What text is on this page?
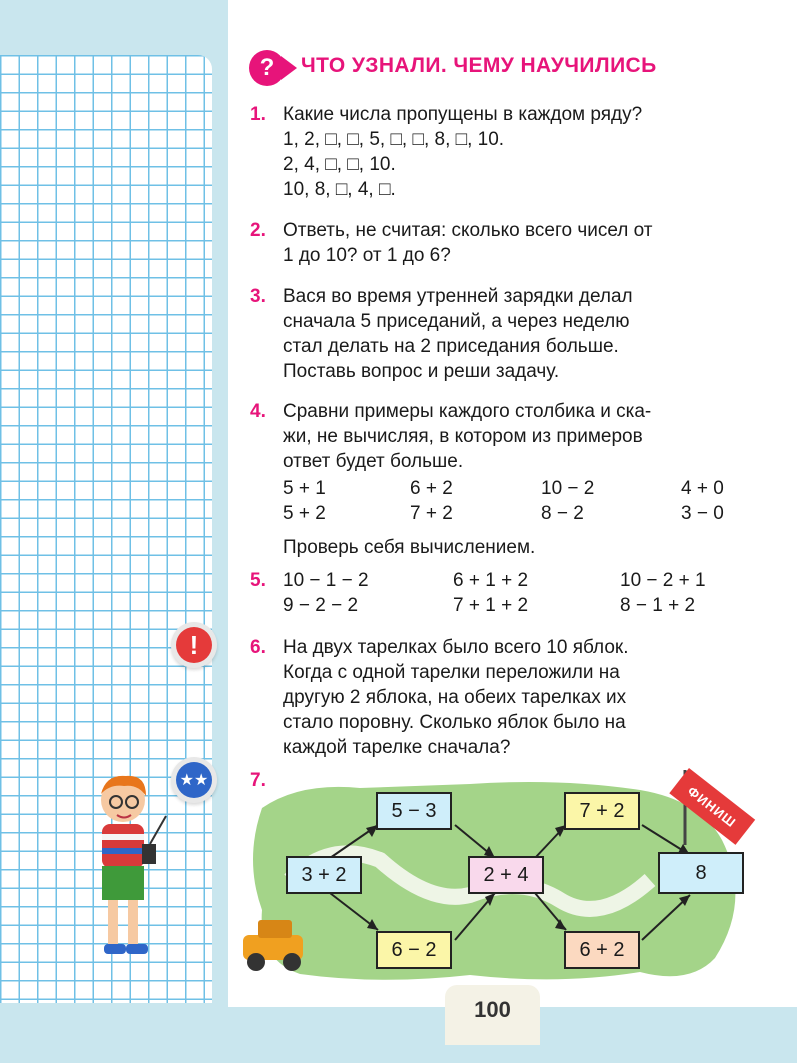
!
★★
?	ЧТО УЗНАЛИ. ЧЕМУ НАУЧИЛИСЬ
1. Какие числа пропущены в каждом ряду?
1, 2, □, □, 5, □, □, 8, □, 10.
2, 4, □, □, 10.
10, 8, □, 4, □.
2. Ответь, не считая: сколько всего чисел от
1 до 10? от 1 до 6?
3. Вася во время утренней зарядки делал
сначала 5 приседаний, а через неделю
стал делать на 2 приседания больше.
Поставь вопрос и реши задачу.
4. Сравни примеры каждого столбика и ска-
жи, не вычисляя, в котором из примеров
ответ будет больше.
5 + 1
5 + 2
6 + 2
7 + 2
10 − 2
8 − 2
4 + 0
3 − 0
Проверь себя вычислением.
5. 10 − 1 − 2
9 − 2 − 2
6 + 1 + 2
7 + 1 + 2
10 − 2 + 1
8 − 1 + 2
6. На двух тарелках было всего 10 яблок.
Когда с одной тарелки переложили на
другую 2 яблока, на обеих тарелках их
стало поровну. Сколько яблок было на
каждой тарелке сначала?
7.
ФИНИШ
3 + 2
5 − 3
6 − 2
2 + 4
7 + 2
6 + 2
8
100
